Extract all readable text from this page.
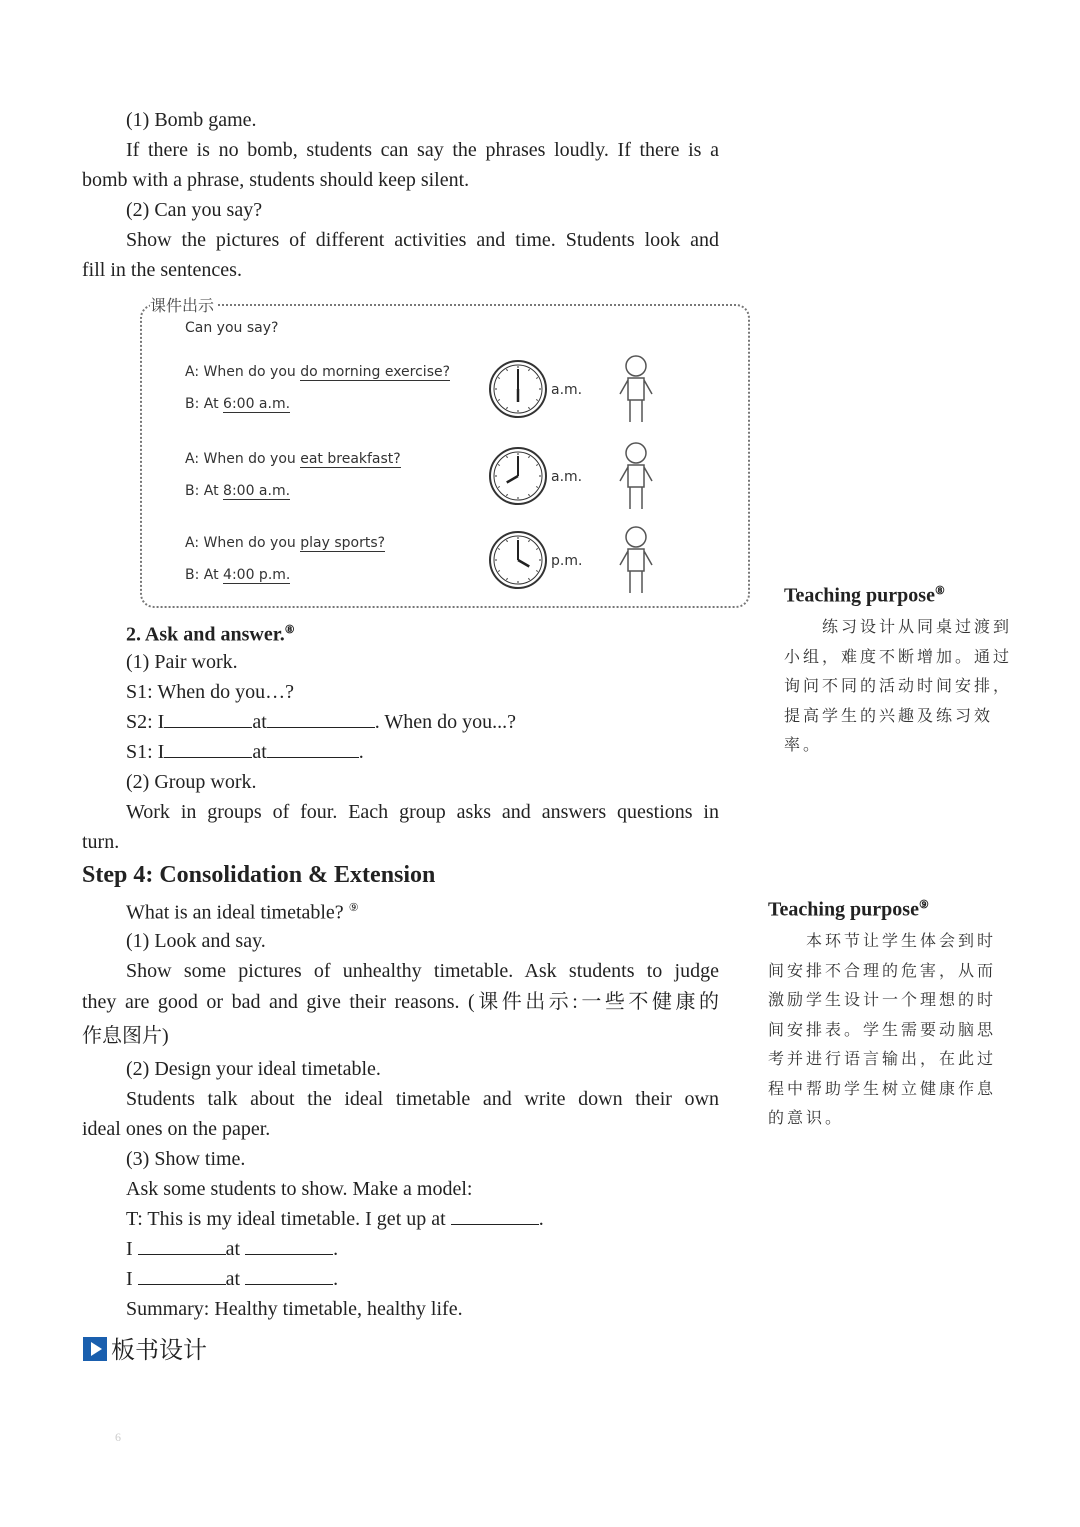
(1) Bomb game.
If there is no bomb, students can say the phrases loudly. If there is a
bomb with a phrase, students should keep silent.
(2) Can you say?
Show the pictures of different activities and time. Students look and
fill in the sentences.
课件出示
Can you say?
A: When do you do morning exercise?
B: At 6:00 a.m.
a.m.
A: When do you eat breakfast?
B: At 8:00 a.m.
a.m.
A: When do you play sports?
B: At 4:00 p.m.
p.m.
2. Ask and answer.⑧
(1) Pair work.
S1: When do you…?
S2: I	at	. When do you...?
S1: I	at	.
(2) Group work.
Work in groups of four. Each group asks and answers questions in
turn.
Step 4: Consolidation & Extension
What is an ideal timetable? ⑨
(1) Look and say.
Show some pictures of unhealthy timetable. Ask students to judge
they are good or bad and give their reasons. (课件出示:一些不健康的
作息图片)
(2) Design your ideal timetable.
Students talk about the ideal timetable and write down their own
ideal ones on the paper.
(3) Show time.
Ask some students to show. Make a model:
T: This is my ideal timetable. I get up at	.
I	at	.
I	at	.
Summary: Healthy timetable, healthy life.
板书设计
Teaching purpose⑧
练习设计从同桌过渡到
小组，难度不断增加。通过
询问不同的活动时间安排，
提高学生的兴趣及练习效
率。
Teaching purpose⑨
本环节让学生体会到时
间安排不合理的危害，从而
激励学生设计一个理想的时
间安排表。学生需要动脑思
考并进行语言输出，在此过
程中帮助学生树立健康作息
的意识。
6
